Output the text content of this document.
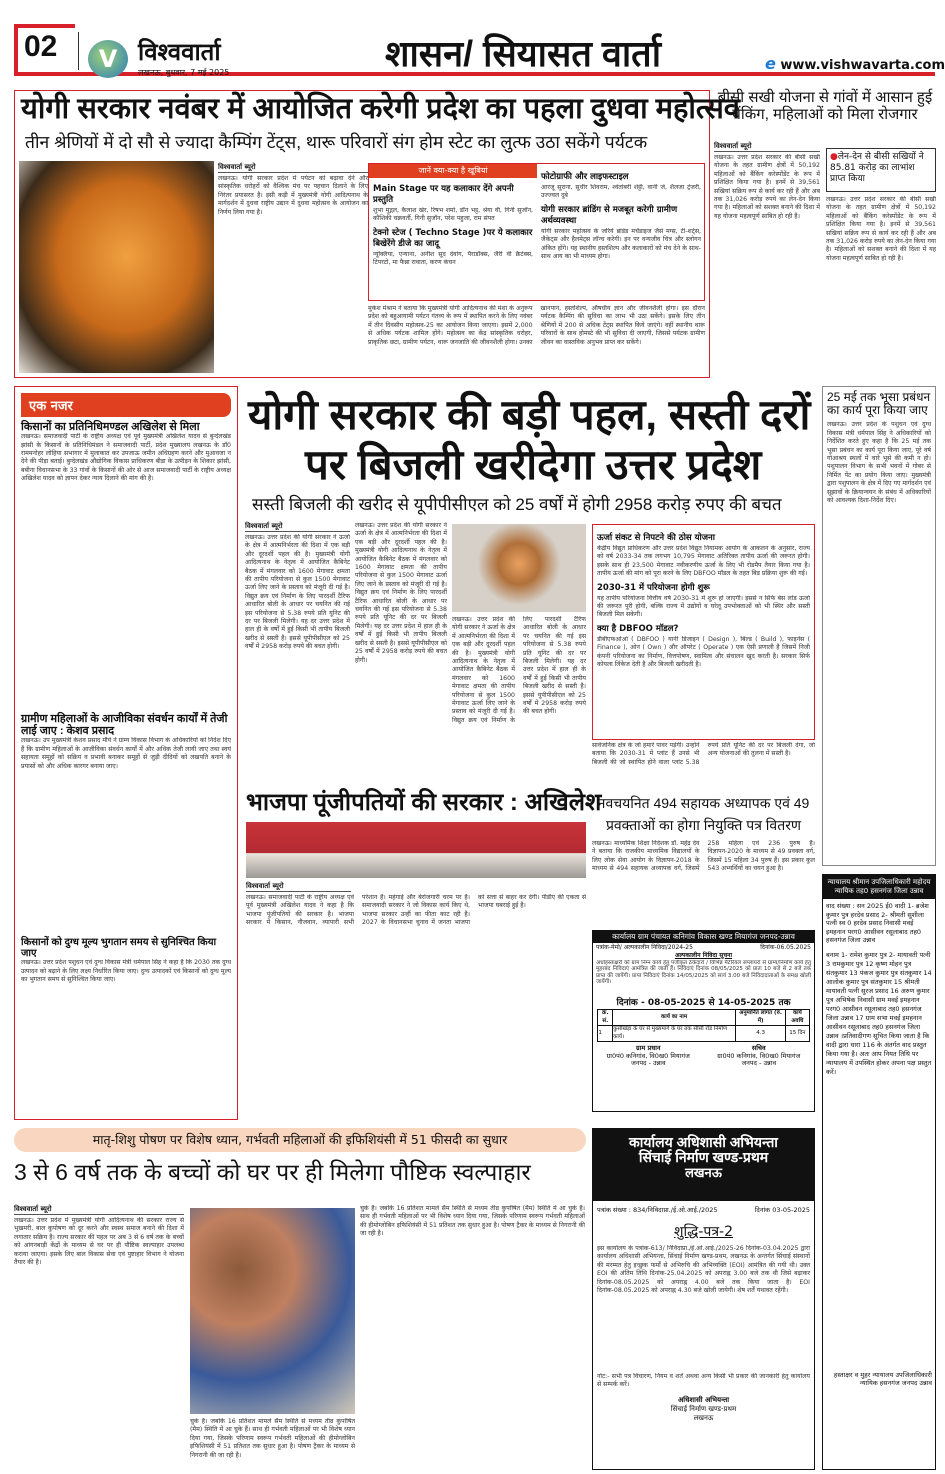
02	V विश्ववार्ता
लखनऊ, बुधवार, 7 मई 2025	शासन/ सियासत वार्ता	e www.vishwavarta.com
योगी सरकार नवंबर में आयोजित करेगी प्रदेश का पहला दुधवा महोत्सव
तीन श्रेणियों में दो सौ से ज्यादा कैम्पिंग टेंट्स, थारू परिवारों संग होम स्टेट का लुत्फ उठा सकेंगे पर्यटक
विश्ववार्ता ब्यूरो
लखनऊ। योगी सरकार प्रदेश में पर्यटन को बढ़ावा देने और सांस्कृतिक धरोहरों को वैश्विक मंच पर पहचान दिलाने के लिए निरंतर प्रयासरत है। इसी कड़ी में मुख्यमंत्री योगी आदित्यनाथ के मार्गदर्शन में दुधवा राष्ट्रीय उद्यान में दुधवा महोत्सव के आयोजन का निर्णय लिया गया है।
जानें क्या-क्या है खूबियां
Main Stage पर यह कलाकार देंगे अपनी प्रस्तुति
शुभा मुद्गल, कैलाश खेर, रिषभ शर्मा, डॉन भट्ट, श्रेया वी, गिनी सुजॉन, कौशिकी चक्रवर्ती, गिनी सुजॉन, परेश पहुजा, राम संपत
टेक्नो स्टेज ( Techno Stage )पर ये कलाकार बिखेरेंगे डीजे का जादू
न्यूक्लिया, एन्याना, अनीश सूद देवांग, पैराडॉक्स, जैरी वी क्रैटेक्स, टिपरटो, मा फैन्ना रावाता, करण कंचन
फोटोग्राफी और लाइफस्टाइल
आरजू सुराना, सुधीर शिवराम, श्वेतांबरी शेट्टी, वानी जे, शैलजा ट्रेजरी, उज्ज्वल दुबे
योगी सरकार ब्रांडिंग से मजबूत करेगी ग्रामीण अर्थव्यवस्था
योगी सरकार महोत्सव के जरिये ब्रांडेड मर्चेंडाइज जैसे मग्स, टी-शर्ट्स, जैकेट्स और हैलमेट्स लॉन्च करेगी। इन पर वन्यजीव चित्र और स्लोगन अंकित होंगे। यह स्थानीय हस्तशिल्प और कलाकारों को मंच देने के साथ-साथ आय का भी माध्यम होगा।
मुकेश मेश्राम ने बताया कि मुख्यमंत्री योगी आदित्यनाथ की मंशा के अनुरूप प्रदेश को बहुआयामी पर्यटन गंतव्य के रूप में स्थापित करने के लिए नवंबर में तीन दिवसीय महोत्सव-25 का आयोजन किया जाएगा। इसमें 2,000 से अधिक पर्यटक शामिल होंगे। महोत्सव का केंद्र सांस्कृतिक धरोहर, प्राकृतिक छटा, ग्रामीण पर्यटन, थारू जनजाति की जीवनशैली होगा। उनका खानपान, हस्तशिल्प, औषधीय ज्ञान और जीवनशैली होगा। इस दौरान पर्यटक कैम्पिंग की सुविधा का लाभ भी उठा सकेंगे। इसके लिए तीन श्रेणियों में 200 से अधिक टेंट्स स्थापित किये जाएंगे। वहीं स्थानीय थारू परिवारों के साथ होमस्टे की भी सुविधा दी जाएगी, जिससे पर्यटक ग्रामीण जीवन का वास्तविक अनुभव प्राप्त कर सकेंगे।
बीसी सखी योजना से गांवों में आसान हुई बैंकिंग, महिलाओं को मिला रोजगार
विश्ववार्ता ब्यूरो
लखनऊ। उत्तर प्रदेश सरकार की बीसी सखी योजना के तहत ग्रामीण क्षेत्रों में 50,192 महिलाओं को बैंकिंग करेस्पोंडेंट के रूप में प्रशिक्षित किया गया है। इनमें से 39,561 सखियां सक्रिय रूप से कार्य कर रही हैं और अब तक 31,026 करोड़ रुपये का लेन-देन किया गया है। महिलाओं को सशक्त बनाने की दिशा में यह योजना महत्वपूर्ण साबित हो रही है।
●लेन-देन से बीसी सखियों ने 85.81 करोड़ का लाभांश प्राप्त किया
लखनऊ। उत्तर प्रदेश सरकार की बीसी सखी योजना के तहत ग्रामीण क्षेत्रों में 50,192 महिलाओं को बैंकिंग करेस्पोंडेंट के रूप में प्रशिक्षित किया गया है। इनमें से 39,561 सखियां सक्रिय रूप से कार्य कर रही हैं और अब तक 31,026 करोड़ रुपये का लेन-देन किया गया है। महिलाओं को सशक्त बनाने की दिशा में यह योजना महत्वपूर्ण साबित हो रही है।
एक नजर
किसानों का प्रतिनिधिमण्डल अखिलेश से मिला
लखनऊ। समाजवादी पार्टी के राष्ट्रीय अध्यक्ष एवं पूर्व मुख्यमंत्री अखिलेश यादव से बुन्देलखंड झांसी के किसानों के प्रतिनिधिमंडल ने समाजवादी पार्टी, प्रदेश मुख्यालय लखनऊ के डॉ0 राममनोहर लोहिया सभागार में मुलाकात कर उपजाऊ जमीन अधिग्रहण करने और मुआवजा न देने की पीड़ा बताई। बुन्देलखंड औद्योगिक विकास प्राधिकरण बीडा के उत्पीड़न के शिकार झांसी, बबीना विधानसभा के 33 गांवों के किसानों की ओर से आज समाजवादी पार्टी के राष्ट्रीय अध्यक्ष अखिलेश यादव को ज्ञापन देकर न्याय दिलाने की मांग की है।
ग्रामीण महिलाओं के आजीविका संवर्धन कार्यों में तेजी लाई जाए : केशव प्रसाद
लखनऊ। उप मुख्यमंत्री केशव प्रसाद मौर्य ने ग्राम्य विकास विभाग के अधिकारियों को निर्देश दिए हैं कि ग्रामीण महिलाओं के आजीविका संवर्धन कार्यों में और अधिक तेजी लायी जाए तथा स्वयं सहायता समूहों को सक्रिय व प्रभावी बनाकर समूहों से जुड़ी दीदियों को लखपति बनाने के प्रयासों को और अधिक कारगर बनाया जाए।
किसानों को दुग्ध मूल्य भुगतान समय से सुनिश्चित किया जाए
लखनऊ। उत्तर प्रदेश पशुधन एवं दुग्ध विकास मंत्री धर्मपाल सिंह ने कहा है कि 2030 तक दुग्ध उत्पादन को बढ़ाने के लिए लक्ष्य निर्धारित किया जाए। दुग्ध उत्पादकों एवं किसानों को दुग्ध मूल्य का भुगतान समय से सुनिश्चित किया जाए।
योगी सरकार की बड़ी पहल, सस्ती दरों
पर बिजली खरीदेगा उत्तर प्रदेश
सस्ती बिजली की खरीद से यूपीपीसीएल को 25 वर्षों में होगी 2958 करोड़ रुपए की बचत
विश्ववार्ता ब्यूरो
लखनऊ। उत्तर प्रदेश की योगी सरकार ने ऊर्जा के क्षेत्र में आत्मनिर्भरता की दिशा में एक बड़ी और दूरदर्शी पहल की है। मुख्यमंत्री योगी आदित्यनाथ के नेतृत्व में आयोजित कैबिनेट बैठक में मंगलवार को 1600 मेगावाट क्षमता की तापीय परियोजना से कुल 1500 मेगावाट ऊर्जा लिए जाने के प्रस्ताव को मंजूरी दी गई है। विद्युत क्रय एवं निर्माण के लिए पारदर्शी टैरिफ आधारित बोली के आधार पर चयनित की गई इस परियोजना से 5.38 रुपये प्रति यूनिट की दर पर बिजली मिलेगी। यह दर उत्तर प्रदेश में हाल ही के वर्षों में हुई किसी भी तापीय बिजली खरीद से सस्ती है। इससे यूपीपीसीएल को 25 वर्षों में 2958 करोड़ रुपये की बचत होगी।
लखनऊ। उत्तर प्रदेश की योगी सरकार ने ऊर्जा के क्षेत्र में आत्मनिर्भरता की दिशा में एक बड़ी और दूरदर्शी पहल की है। मुख्यमंत्री योगी आदित्यनाथ के नेतृत्व में आयोजित कैबिनेट बैठक में मंगलवार को 1600 मेगावाट क्षमता की तापीय परियोजना से कुल 1500 मेगावाट ऊर्जा लिए जाने के प्रस्ताव को मंजूरी दी गई है। विद्युत क्रय एवं निर्माण के लिए पारदर्शी टैरिफ आधारित बोली के आधार पर चयनित की गई इस परियोजना से 5.38 रुपये प्रति यूनिट की दर पर बिजली मिलेगी। यह दर उत्तर प्रदेश में हाल ही के वर्षों में हुई किसी भी तापीय बिजली खरीद से सस्ती है। इससे यूपीपीसीएल को 25 वर्षों में 2958 करोड़ रुपये की बचत होगी।
लखनऊ। उत्तर प्रदेश की योगी सरकार ने ऊर्जा के क्षेत्र में आत्मनिर्भरता की दिशा में एक बड़ी और दूरदर्शी पहल की है। मुख्यमंत्री योगी आदित्यनाथ के नेतृत्व में आयोजित कैबिनेट बैठक में मंगलवार को 1600 मेगावाट क्षमता की तापीय परियोजना से कुल 1500 मेगावाट ऊर्जा लिए जाने के प्रस्ताव को मंजूरी दी गई है। विद्युत क्रय एवं निर्माण के लिए पारदर्शी टैरिफ आधारित बोली के आधार पर चयनित की गई इस परियोजना से 5.38 रुपये प्रति यूनिट की दर पर बिजली मिलेगी। यह दर उत्तर प्रदेश में हाल ही के वर्षों में हुई किसी भी तापीय बिजली खरीद से सस्ती है। इससे यूपीपीसीएल को 25 वर्षों में 2958 करोड़ रुपये की बचत होगी।
ऊर्जा संकट से निपटने की ठोस योजना
केंद्रीय विद्युत प्राधिकरण और उत्तर प्रदेश विद्युत नियामक आयोग के आकलन के अनुसार, राज्य को वर्ष 2033-34 तक लगभग 10,795 मेगावाट अतिरिक्त तापीय ऊर्जा की जरूरत होगी। इसके साथ ही 23,500 मेगावाट नवीकरणीय ऊर्जा के लिए भी रोडमैप तैयार किया गया है। तापीय ऊर्जा की मांग को पूरा करने के लिए DBFOO मॉडल के तहत बिड प्रक्रिया शुरू की गई।
2030-31 में परियोजना होगी शुरू
यह तापीय परियोजना वित्तीय वर्ष 2030-31 में शुरू हो जाएगी। इससे न सिर्फ बेस लोड ऊर्जा की जरूरत पूरी होगी, बल्कि राज्य में उद्योगों व घरेलू उपभोक्ताओं को भी स्थिर और सस्ती बिजली मिल सकेगी।
क्या है DBFOO मॉडल?
डीबीएफओओ ( DBFOO ) यानी डिजाइन ( Design ), बिल्ड ( Build ), फाइनेंस ( Finance ), ओन ( Own ) और ऑपरेट ( Operate ) एक ऐसी प्रणाली है जिसमें निजी कंपनी परियोजना का निर्माण, वित्तपोषण, स्वामित्व और संचालन खुद करती है। सरकार सिर्फ कोयला लिंकेज देती है और बिजली खरीदती है।
सार्वजनिक क्षेत्र के जो हमारे पावर पड़ेगी। उन्होंने बताया कि 2030-31 में प्लांट हैं उनसे भी बिजली की जो स्थापित होने वाला प्लांट 5.38 रुपये प्रति यूनिट की दर पर बिजली देगा, जो अन्य योजनाओं की तुलना में सस्ती है।
भाजपा पूंजीपतियों की सरकार : अखिलेश
विश्ववार्ता ब्यूरो
लखनऊ। समाजवादी पार्टी के राष्ट्रीय अध्यक्ष एवं पूर्व मुख्यमंत्री अखिलेश यादव ने कहा है कि भाजपा पूंजीपतियों की सरकार है। भाजपा सरकार में किसान, नौजवान, व्यापारी सभी परेशान हैं। महंगाई और बेरोजगारी चरम पर है। समाजवादी सरकार ने जो विकास कार्य किए थे, भाजपा सरकार उन्हीं का फीता काट रही है। 2027 के विधानसभा चुनाव में जनता भाजपा को सत्ता से बाहर कर देगी। पीडीए की एकता से भाजपा घबराई हुई है।
नवचयनित 494 सहायक अध्यापक एवं 49 प्रवक्ताओं का होगा नियुक्ति पत्र वितरण
लखनऊ। माध्यमिक शिक्षा निदेशक डॉ. महेंद्र देव ने बताया कि राजकीय माध्यमिक विद्यालयों के लिए लोक सेवा आयोग के विज्ञापन-2018 के माध्यम से 494 सहायक अध्यापक वर्ग, जिसमें 258 महिला एवं 236 पुरुष हैं। विज्ञापन-2020 के माध्यम से 49 प्रवक्ता वर्ग, जिसमें 15 महिला 34 पुरुष हैं। इस प्रकार कुल 543 अभ्यर्थियों का चयन हुआ है।
कार्यालय ग्राम पंचायत कनिगांव विकास खण्ड मियागंज जनपद-उन्नाव
पत्रांक-मेमो/ अल्पकालीन निविदा/2024-25	दिनांक-06.05.2025
अल्पकालीन निविदा सूचना
अधोहस्ताक्षरी को ग्राम निम्न कार्य हेतु पंजीकृत ठेकेदारों / विभिन्न मैटेरियल सप्लायरों से ग्राम्य/निर्माण कार्य हेतु मुहरबंद निविदाएं आमंत्रित की जाती हैं। निविदाएं दिनांक 08/05/2025 को प्रातः 10 बजे से 2 बजे तक प्राप्त की जायेंगी। प्राप्त निविदाएं दिनांक 14/05/2025 को सायं 3.00 बजे निविदादाताओं के समक्ष खोली जायेंगी।
दिनांक - 08-05-2025 से 14-05-2025 तक
क्र. सं.	कार्य का नाम	अनुमानित लागत (रु. में)	कार्य अवधि
1	कुर्सीखेड़ा के घर से मुख्यमार्ग के घर तक सीसी रोड निर्माण कार्य।	4.3	15 दिन
ग्राम प्रधान
ग्रा0पं0 कनिगांव, वि0ख0 मियागंज
जनपद - उन्नाव
सचिव
ग्रा0पं0 कनिगांव, वि0ख0 मियागंज
जनपद - उन्नाव
25 मई तक भूसा प्रबंधन का कार्य पूरा किया जाए
लखनऊ। उत्तर प्रदेश के पशुधन एवं दुग्ध विकास मंत्री धर्मपाल सिंह ने अधिकारियों को निर्देशित करते हुए कहा है कि 25 मई तक भूसा प्रबंधन का कार्य पूरा किया जाए, पूरे वर्ष गोआश्रय स्थलों में चारे भूसे की कमी न हो। पशुपालन विभाग के सभी भवनों में गोबर से निर्मित पेंट का प्रयोग किया जाए। मुख्यमंत्री द्वारा पशुपालन के क्षेत्र में दिए गए मार्गदर्शन एवं सुझावों के क्रियान्वयन के संबंध में अधिकारियों को आवश्यक दिशा-निर्देश दिए।
न्यायालय श्रीमान उपजिलाधिकारी महोदय न्यायिक तह0 हसनगंज जिला उन्नाव
वाद संख्या : सन 2025 ई0 वादी 1- ब्रजेश कुमार पुत्र हरदेव प्रसाद 2- श्रीमती सुशीला पत्नी स्व 0 हरदेव प्रसाद निवासी मवई इमहनान परग0 आसीवन रसूलाबाद तह0 हसनगंज जिला उन्नाव
बनाम 1- रामेश कुमार पुत्र 2- मायावती पत्नी 3 रामकुमार पुत्र 12 कृष्ण मोहन पुत्र संतकुमार 13 पंकज कुमार पुत्र संतकुमार 14 आलोक कुमार पुत्र संतकुमार 15 श्रीमती मायावती पत्नी सुरज प्रसाद 16 अरुण कुमार पुत्र अभिषेक निवासी ग्राम मवई इमहनान परग0 आसीवन रसूलाबाद तह0 हसनगंज जिला उन्नाव 17 ग्राम सभा मवई इमहनान आसीवन रसूलाबाद तह0 हसनगंज जिला उन्नाव ।प्रतिवादीगण सूचित किया जाता है कि वादी द्वारा धारा 116 के अंतर्गत वाद प्रस्तुत किया गया है। अतः आप नियत तिथि पर न्यायालय में उपस्थित होकर अपना पक्ष प्रस्तुत करें।
हस्ताक्षर व मुहर न्यायालय उपजिलाधिकारी न्यायिक हसनगंज जनपद उन्नाव
मातृ-शिशु पोषण पर विशेष ध्यान, गर्भवती महिलाओं की इफिशियंसी में 51 फीसदी का सुधार
3 से 6 वर्ष तक के बच्चों को घर पर ही मिलेगा पौष्टिक स्वल्पाहार
विश्ववार्ता ब्यूरो
लखनऊ। उत्तर प्रदेश में मुख्यमंत्री योगी आदित्यनाथ की सरकार राज्य से भुखमरी, बाल कुपोषण को दूर करने और स्वस्थ समाज बनाने की दिशा में लगातार सक्रिय है। राज्य सरकार की पहल पर अब 3 से 6 वर्ष तक के बच्चों को आंगनबाड़ी केंद्रों के माध्यम से घर पर ही पौष्टिक स्वल्पाहार उपलब्ध कराया जाएगा। इसके लिए बाल विकास सेवा एवं पुष्टाहार विभाग ने योजना तैयार की है।
चुके हैं। जबकि 16 प्रतिशत मामले सैम स्थिति से मध्यम तीव्र कुपोषित (मैम) स्थिति में आ चुके हैं। साथ ही गर्भवती महिलाओं पर भी विशेष ध्यान दिया गया, जिसके परिणाम स्वरूप गर्भवती महिलाओं की हीमोग्लोबिन इफिशियंसी में 51 प्रतिशत तक सुधार हुआ है। पोषण ट्रैकर के माध्यम से निगरानी की जा रही है।
चुके हैं। जबकि 16 प्रतिशत मामले सैम स्थिति से मध्यम तीव्र कुपोषित (मैम) स्थिति में आ चुके हैं। साथ ही गर्भवती महिलाओं पर भी विशेष ध्यान दिया गया, जिसके परिणाम स्वरूप गर्भवती महिलाओं की हीमोग्लोबिन इफिशियंसी में 51 प्रतिशत तक सुधार हुआ है। पोषण ट्रैकर के माध्यम से निगरानी की जा रही है।
कार्यालय अधिशासी अभियन्ता
सिंचाई निर्माण खण्ड-प्रथम
लखनऊ
पत्रांक संख्या : 834/निविदाप्रा./ई.ओ.आई./2025	दिनांक 03-05-2025
शुद्धि-पत्र-2
इस कार्यालय के पत्रांक-613/ निविदाप्रा./ई.ओ.आई./2025-26 दिनांक-03.04.2025 द्वारा कार्यालय अधिशासी अभियन्ता, सिंचाई निर्माण खण्ड-प्रथम, लखनऊ के अन्तर्गत सिंचाई संस्थानों की मरम्मत हेतु इच्छुक फर्मों से अभिरुचि की अभिव्यक्ति (EOI) आमंत्रित की गयी थी। उक्त EOI की अंतिम तिथि दिनांक-25.04.2025 को अपराह्न 3.00 बजे तक थी जिसे बढ़ाकर दिनांक-08.05.2025 को अपराह्न 4.00 बजे तक किया जाता है। EOI दिनांक-08.05.2025 को अपराह्न 4.30 बजे खोली जायेगी। शेष शर्तें यथावत रहेंगी।
नोट:- सभी पत्र विचारण, नियम व शर्तें अथवा अन्य किसी भी प्रकार की जानकारी हेतु कार्यालय से सम्पर्क करें।
अधिशासी अभियन्ता
सिंचाई निर्माण खण्ड-प्रथम
लखनऊ
